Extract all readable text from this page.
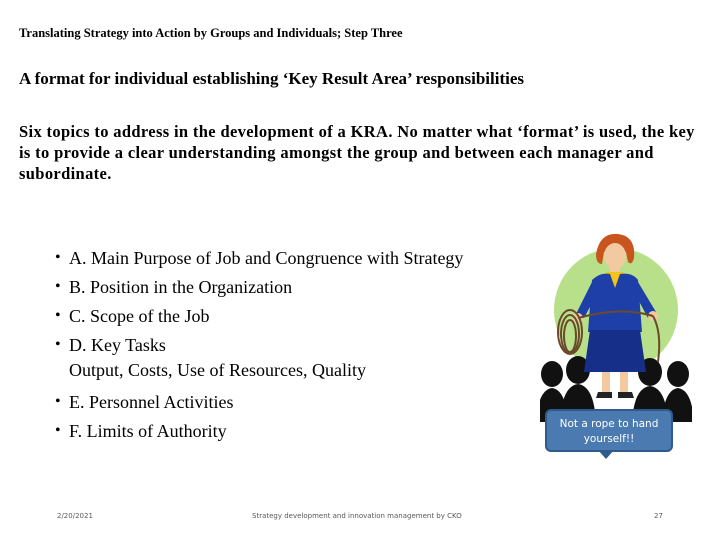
Translating Strategy into Action by Groups and Individuals; Step Three
A format for individual establishing ‘Key Result Area’ responsibilities
Six topics to address in the development of a KRA. No matter what ‘format’ is used, the key is to provide a clear understanding amongst the group and between each manager and subordinate.
• A. Main Purpose of Job and Congruence with Strategy
• B. Position in the Organization
• C. Scope of the Job
• D. Key Tasks
Output, Costs, Use of Resources, Quality
• E. Personnel Activities
• F. Limits of Authority	Not a rope to hand
yourself!!
2/20/2021	Strategy development and innovation management by CKO	27
